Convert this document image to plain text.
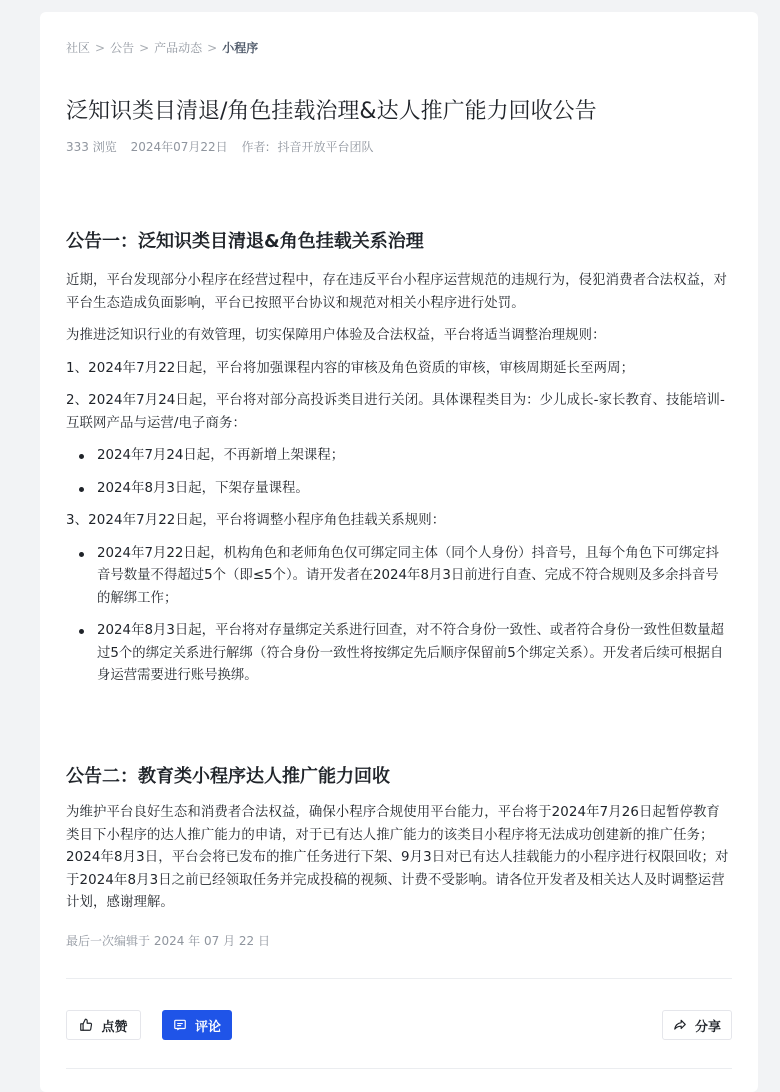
社区 > 公告 > 产品动态 > 小程序
泛知识类目清退/角色挂载治理&达人推广能力回收公告
333 浏览 2024年07月22日 作者: 抖音开放平台团队
公告一：泛知识类目清退&角色挂载关系治理

近期，平台发现部分小程序在经营过程中，存在违反平台小程序运营规范的违规行为，侵犯消费者合法权益，对平台生态造成负面影响，平台已按照平台协议和规范对相关小程序进行处罚。

为推进泛知识行业的有效管理，切实保障用户体验及合法权益，平台将适当调整治理规则：

1、2024年7月22日起，平台将加强课程内容的审核及角色资质的审核，审核周期延长至两周；

2、2024年7月24日起，平台将对部分高投诉类目进行关闭。具体课程类目为：少儿成长-家长教育、技能培训-互联网产品与运营/电子商务：

2024年7月24日起，不再新增上架课程；
2024年8月3日起，下架存量课程。

3、2024年7月22日起，平台将调整小程序角色挂载关系规则：

2024年7月22日起，机构角色和老师角色仅可绑定同主体（同个人身份）抖音号，且每个角色下可绑定抖音号数量不得超过5个（即≤5个）。请开发者在2024年8月3日前进行自查、完成不符合规则及多余抖音号的解绑工作；
2024年8月3日起，平台将对存量绑定关系进行回查，对不符合身份一致性、或者符合身份一致性但数量超过5个的绑定关系进行解绑（符合身份一致性将按绑定先后顺序保留前5个绑定关系）。开发者后续可根据自身运营需要进行账号换绑。
公告二：教育类小程序达人推广能力回收

为维护平台良好生态和消费者合法权益，确保小程序合规使用平台能力，平台将于2024年7月26日起暂停教育类目下小程序的达人推广能力的申请，对于已有达人推广能力的该类目小程序将无法成功创建新的推广任务；2024年8月3日，平台会将已发布的推广任务进行下架、9月3日对已有达人挂载能力的小程序进行权限回收；对于2024年8月3日之前已经领取任务并完成投稿的视频、计费不受影响。请各位开发者及相关达人及时调整运营计划，感谢理解。

最后一次编辑于 2024 年 07 月 22 日
点赞	评论	分享
